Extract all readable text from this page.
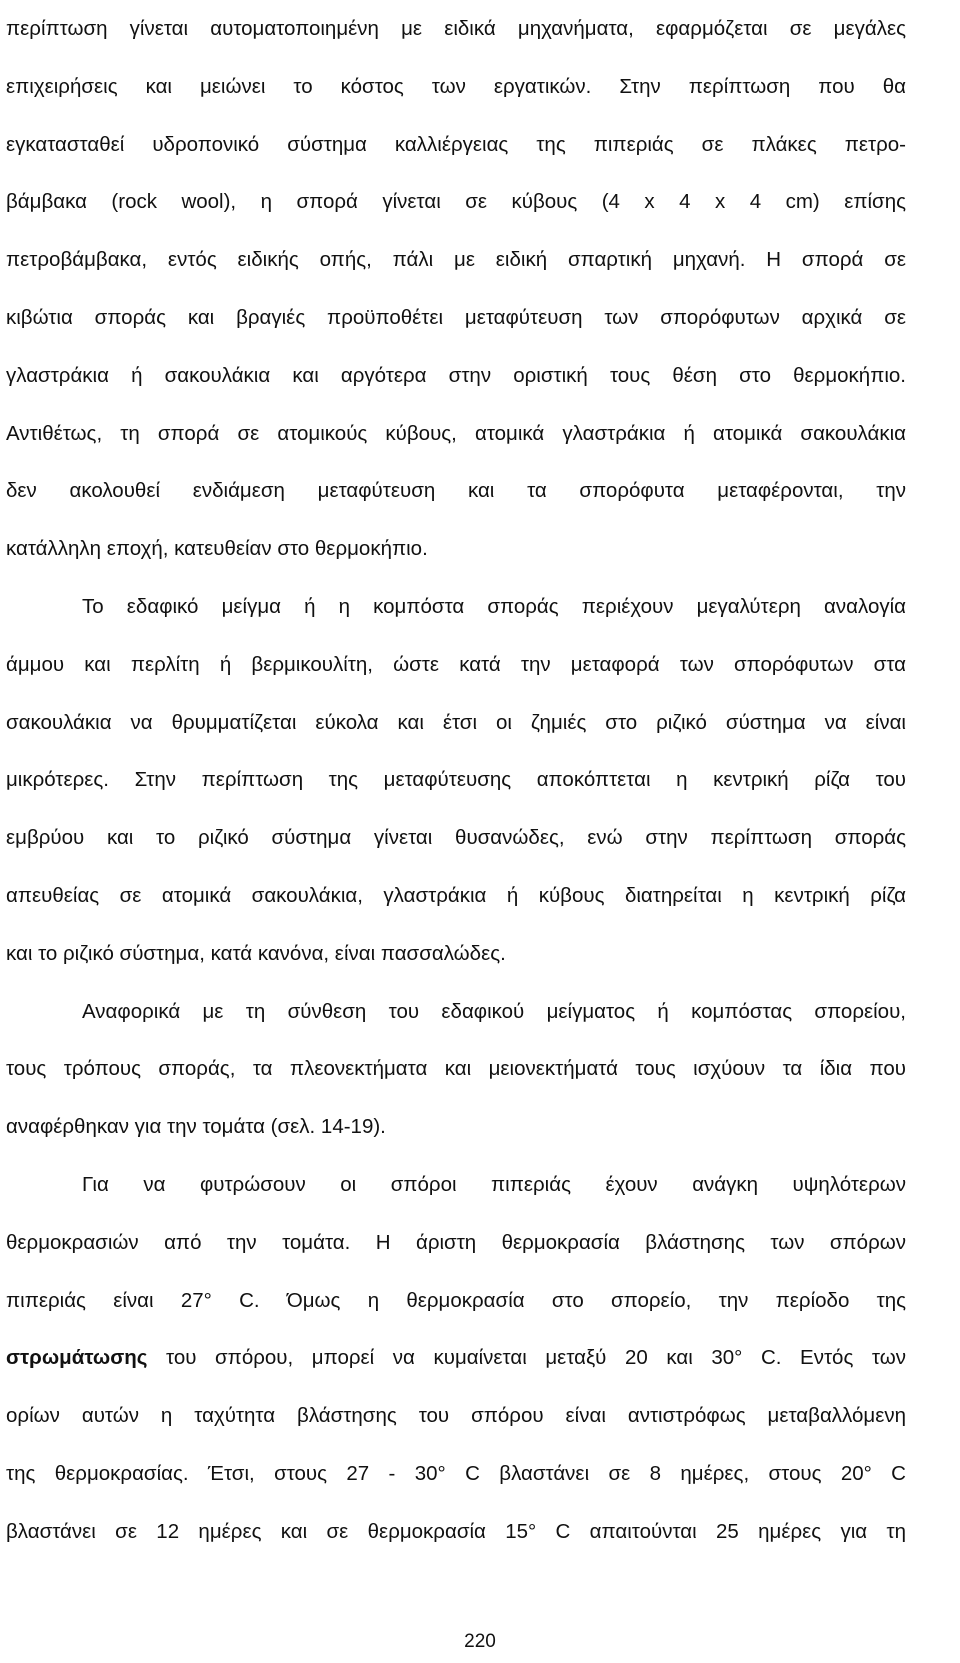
περίπτωση γίνεται αυτοματοποιημένη με ειδικά μηχανήματα, εφαρμόζεται σε μεγάλες
επιχειρήσεις και μειώνει το κόστος των εργατικών. Στην περίπτωση που θα
εγκατασταθεί υδροπονικό σύστημα καλλιέργειας της πιπεριάς σε πλάκες πετρο-
βάμβακα (rock wool), η σπορά γίνεται σε κύβους (4 x 4 x 4 cm) επίσης
πετροβάμβακα, εντός ειδικής οπής, πάλι με ειδική σπαρτική μηχανή. Η σπορά σε
κιβώτια σποράς και βραγιές προϋποθέτει μεταφύτευση των σπορόφυτων αρχικά σε
γλαστράκια ή σακουλάκια και αργότερα στην οριστική τους θέση στο θερμοκήπιο.
Αντιθέτως, τη σπορά σε ατομικούς κύβους, ατομικά γλαστράκια ή ατομικά σακουλάκια
δεν ακολουθεί ενδιάμεση μεταφύτευση και τα σπορόφυτα μεταφέρονται, την
κατάλληλη εποχή, κατευθείαν στο θερμοκήπιο.
Το εδαφικό μείγμα ή η κομπόστα σποράς περιέχουν μεγαλύτερη αναλογία
άμμου και περλίτη ή βερμικουλίτη, ώστε κατά την μεταφορά των σπορόφυτων στα
σακουλάκια να θρυμματίζεται εύκολα και έτσι οι ζημιές στο ριζικό σύστημα να είναι
μικρότερες. Στην περίπτωση της μεταφύτευσης αποκόπτεται η κεντρική ρίζα του
εμβρύου και το ριζικό σύστημα γίνεται θυσανώδες, ενώ στην περίπτωση σποράς
απευθείας σε ατομικά σακουλάκια, γλαστράκια ή κύβους διατηρείται η κεντρική ρίζα
και το ριζικό σύστημα, κατά κανόνα, είναι πασσαλώδες.
Αναφορικά με τη σύνθεση του εδαφικού μείγματος ή κομπόστας σπορείου,
τους τρόπους σποράς, τα πλεονεκτήματα και μειονεκτήματά τους ισχύουν τα ίδια που
αναφέρθηκαν για την τομάτα (σελ. 14-19).
Για να φυτρώσουν οι σπόροι πιπεριάς έχουν ανάγκη υψηλότερων
θερμοκρασιών από την τομάτα. Η άριστη θερμοκρασία βλάστησης των σπόρων
πιπεριάς είναι 27° C. Όμως η θερμοκρασία στο σπορείο, την περίοδο της
στρωμάτωσης του σπόρου, μπορεί να κυμαίνεται μεταξύ 20 και 30° C. Εντός των
ορίων αυτών η ταχύτητα βλάστησης του σπόρου είναι αντιστρόφως μεταβαλλόμενη
της θερμοκρασίας. Έτσι, στους 27 - 30° C βλαστάνει σε 8 ημέρες, στους 20° C
βλαστάνει σε 12 ημέρες και σε θερμοκρασία 15° C απαιτούνται 25 ημέρες για τη
220
